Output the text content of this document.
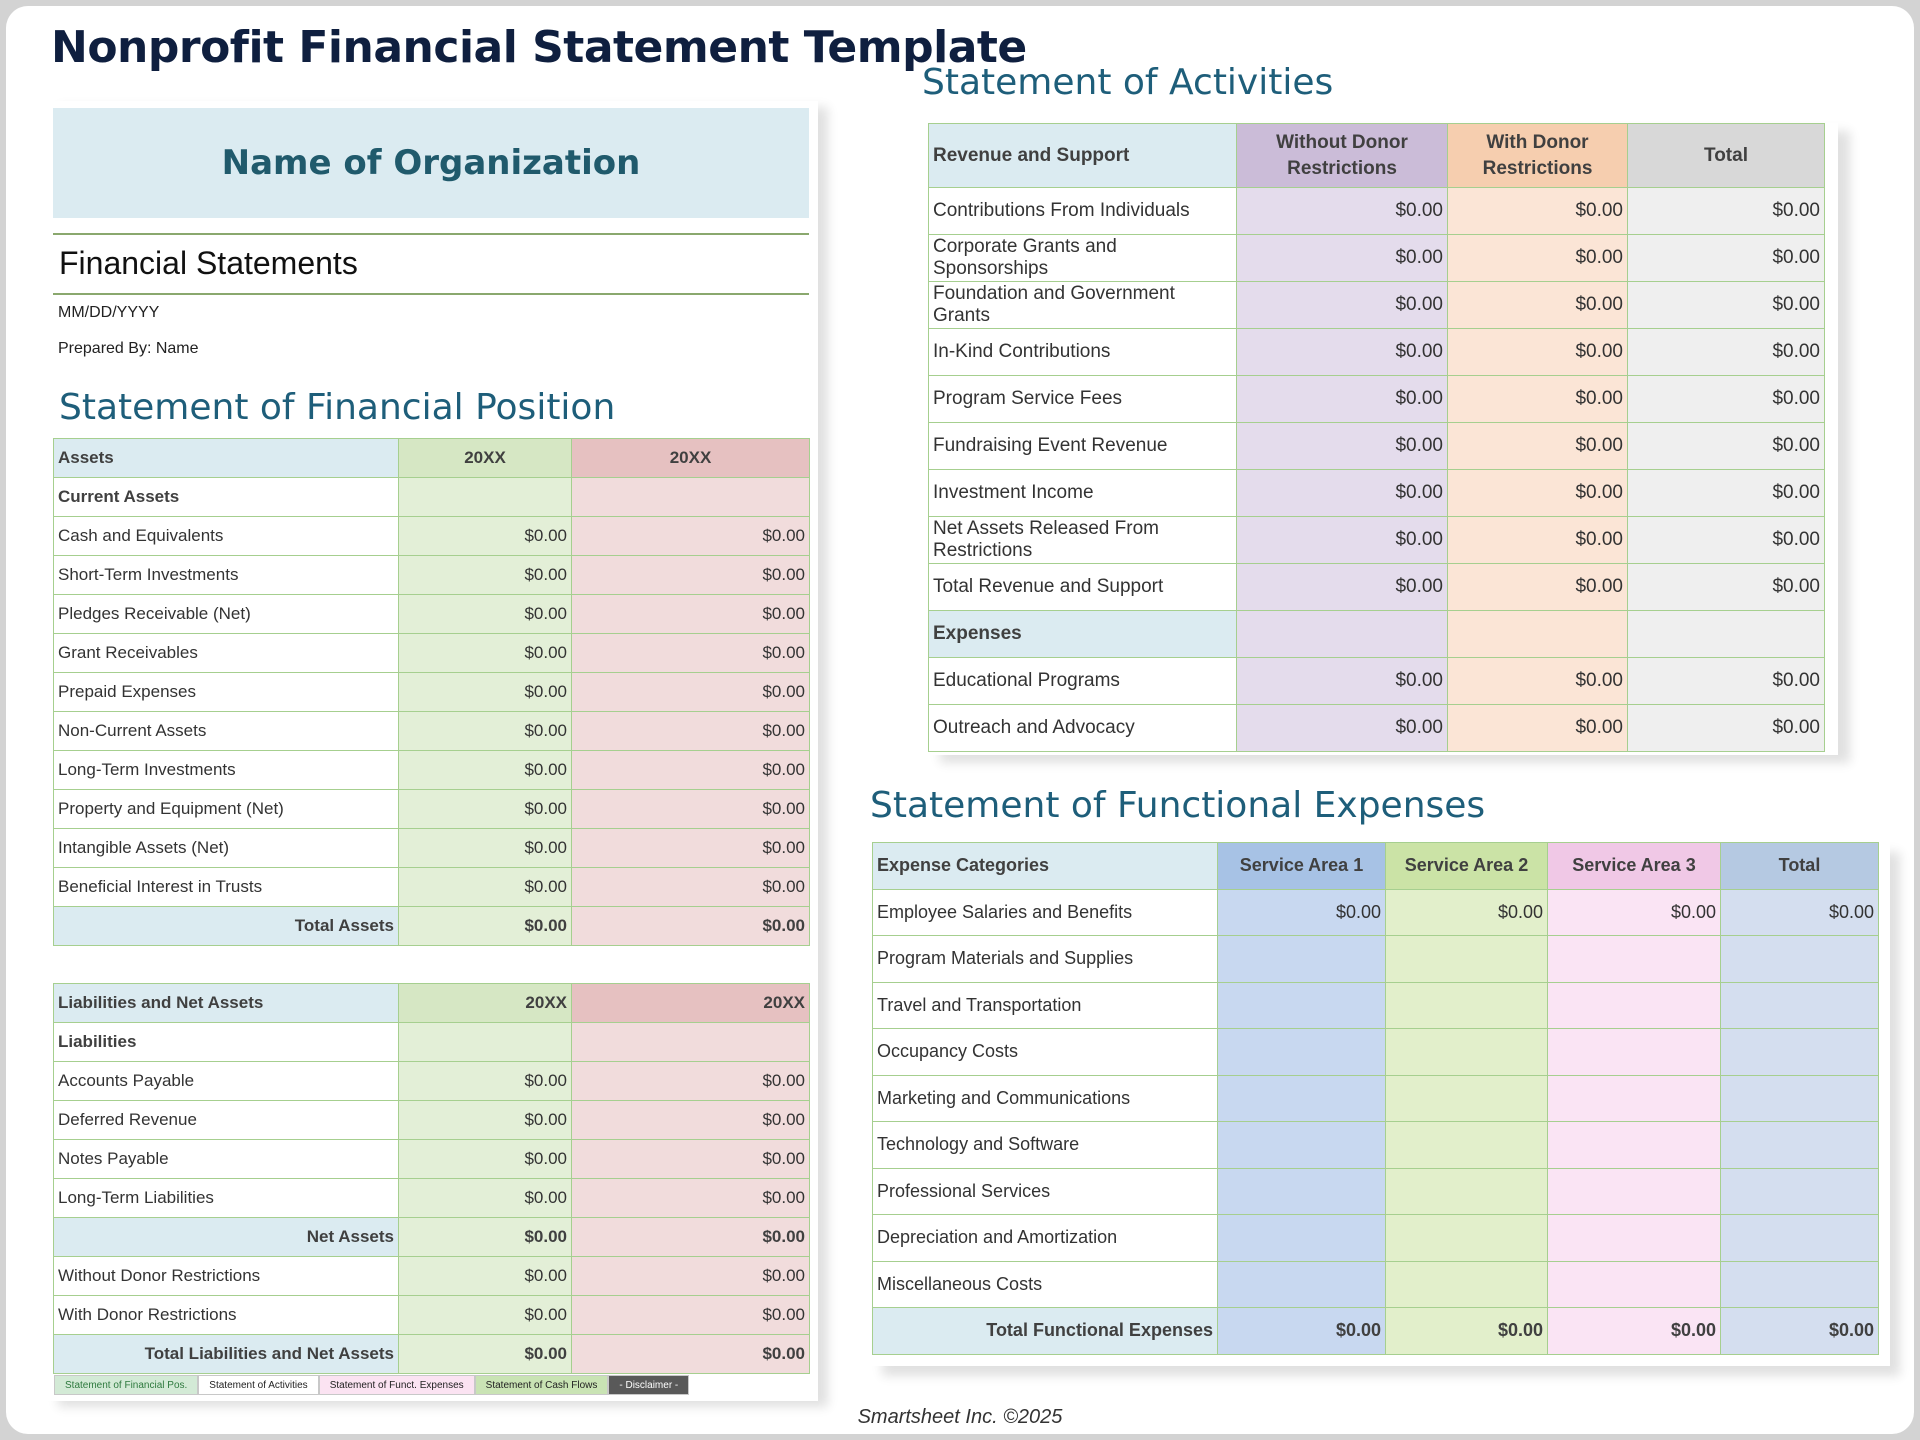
Nonprofit Financial Statement Template
Name of Organization
Financial Statements
MM/DD/YYYY
Prepared By: Name
Statement of Financial Position
Assets	20XX	20XX
Current Assets		
Cash and Equivalents	$0.00	$0.00
Short-Term Investments	$0.00	$0.00
Pledges Receivable (Net)	$0.00	$0.00
Grant Receivables	$0.00	$0.00
Prepaid Expenses	$0.00	$0.00
Non-Current Assets	$0.00	$0.00
Long-Term Investments	$0.00	$0.00
Property and Equipment (Net)	$0.00	$0.00
Intangible Assets (Net)	$0.00	$0.00
Beneficial Interest in Trusts	$0.00	$0.00
Total Assets	$0.00	$0.00
Liabilities and Net Assets	20XX	20XX
Liabilities		
Accounts Payable	$0.00	$0.00
Deferred Revenue	$0.00	$0.00
Notes Payable	$0.00	$0.00
Long-Term Liabilities	$0.00	$0.00
Net Assets	$0.00	$0.00
Without Donor Restrictions	$0.00	$0.00
With Donor Restrictions	$0.00	$0.00
Total Liabilities and Net Assets	$0.00	$0.00
Statement of Activities
Revenue and Support	Without Donor Restrictions	With Donor Restrictions	Total
Contributions From Individuals	$0.00	$0.00	$0.00
Corporate Grants and Sponsorships	$0.00	$0.00	$0.00
Foundation and Government Grants	$0.00	$0.00	$0.00
In-Kind Contributions	$0.00	$0.00	$0.00
Program Service Fees	$0.00	$0.00	$0.00
Fundraising Event Revenue	$0.00	$0.00	$0.00
Investment Income	$0.00	$0.00	$0.00
Net Assets Released From Restrictions	$0.00	$0.00	$0.00
Total Revenue and Support	$0.00	$0.00	$0.00
Expenses			
Educational Programs	$0.00	$0.00	$0.00
Outreach and Advocacy	$0.00	$0.00	$0.00
Statement of Functional Expenses
Expense Categories	Service Area 1	Service Area 2	Service Area 3	Total
Employee Salaries and Benefits	$0.00	$0.00	$0.00	$0.00
Program Materials and Supplies				
Travel and Transportation				
Occupancy Costs				
Marketing and Communications				
Technology and Software				
Professional Services				
Depreciation and Amortization				
Miscellaneous Costs				
Total Functional Expenses	$0.00	$0.00	$0.00	$0.00
Statement of Financial Pos.	Statement of Activities	Statement of Funct. Expenses	Statement of Cash Flows	- Disclaimer -
Smartsheet Inc. ©2025
